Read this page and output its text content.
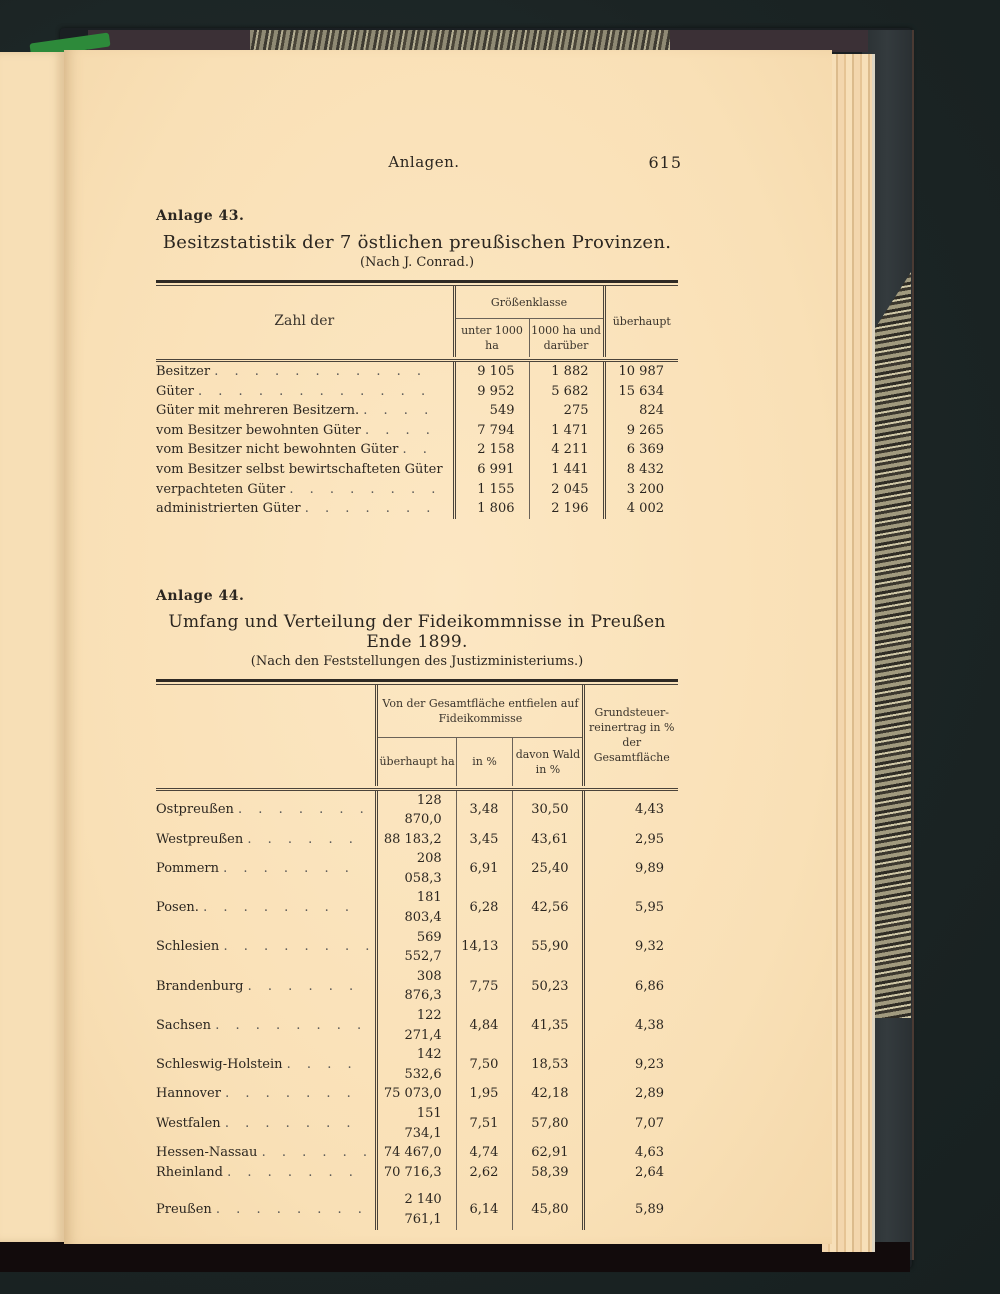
Anlagen.	615
Anlage 43.
Besitzstatistik der 7 östlichen preußischen Provinzen.
(Nach J. Conrad.)
Zahl der	Größenklasse		überhaupt
	unter 1000 ha	1000 ha und darüber	

Besitzer . . . . . . . . . . .	9 105	1 882	10 987
Güter . . . . . . . . . . . .	9 952	5 682	15 634
Güter mit mehreren Besitzern. . . . .	549	275	824
vom Besitzer bewohnten Güter . . . .	7 794	1 471	9 265
vom Besitzer nicht bewohnten Güter . .	2 158	4 211	6 369
vom Besitzer selbst bewirtschafteten Güter	6 991	1 441	8 432
verpachteten Güter . . . . . . . .	1 155	2 045	3 200
administrierten Güter . . . . . . .	1 806	2 196	4 002
Anlage 44.
Umfang und Verteilung der Fideikommnisse in Preußen Ende 1899.
(Nach den Feststellungen des Justizministeriums.)
	Von der Gesamtfläche entfielen auf Fideikommisse			Grundsteuer-reinertrag in % der Gesamtfläche
	überhaupt ha	in %	davon Wald in %	

Ostpreußen . . . . . . .	128 870,0	3,48	30,50	4,43
Westpreußen . . . . . .	88 183,2	3,45	43,61	2,95
Pommern . . . . . . .	208 058,3	6,91	25,40	9,89
Posen. . . . . . . . .	181 803,4	6,28	42,56	5,95
Schlesien . . . . . . . .	569 552,7	14,13	55,90	9,32
Brandenburg . . . . . .	308 876,3	7,75	50,23	6,86
Sachsen . . . . . . . .	122 271,4	4,84	41,35	4,38
Schleswig-Holstein . . . .	142 532,6	7,50	18,53	9,23
Hannover . . . . . . .	75 073,0	1,95	42,18	2,89
Westfalen . . . . . . .	151 734,1	7,51	57,80	7,07
Hessen-Nassau . . . . . .	74 467,0	4,74	62,91	4,63
Rheinland . . . . . . .	70 716,3	2,62	58,39	2,64

Preußen . . . . . . . .	2 140 761,1	6,14	45,80	5,89
